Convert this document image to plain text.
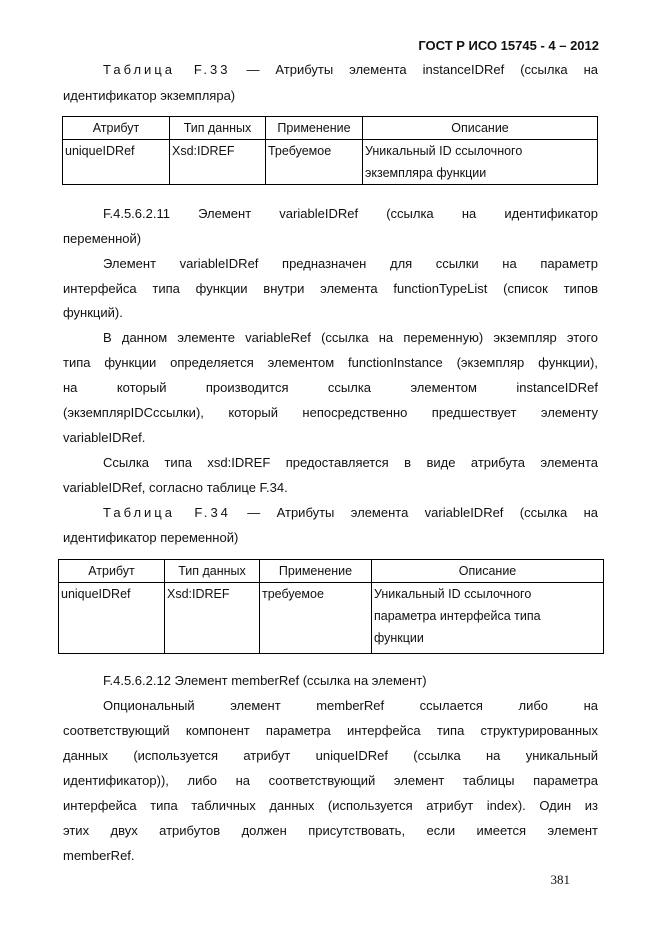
ГОСТ Р ИСО 15745 - 4 – 2012
Таблица F.33 — Атрибуты элемента instanceIDRef (ссылка на
идентификатор экземпляра)
Атрибут	Тип данных	Применение	Описание
uniqueIDRef	Xsd:IDREF	Требуемое	Уникальный ID ссылочного
экземпляра функции
F.4.5.6.2.11 Элемент variableIDRef (ссылка на идентификатор
переменной)
Элемент variableIDRef предназначен для ссылки на параметр
интерфейса типа функции внутри элемента functionTypeList (список типов
функций).
В данном элементе variableRef (ссылка на переменную) экземпляр этого
типа функции определяется элементом functionInstance (экземпляр функции),
на который производится ссылка элементом instanceIDRef
(экземплярIDCссылки), который непосредственно предшествует элементу
variableIDRef.
Ссылка типа xsd:IDREF предоставляется в виде атрибута элемента
variableIDRef, согласно таблице F.34.
Таблица F.34 — Атрибуты элемента variableIDRef (ссылка на
идентификатор переменной)
Атрибут	Тип данных	Применение	Описание
uniqueIDRef	Xsd:IDREF	требуемое	Уникальный ID ссылочного
параметра интерфейса типа
функции
F.4.5.6.2.12 Элемент memberRef (ссылка на элемент)
Опциональный элемент memberRef ссылается либо на
соответствующий компонент параметра интерфейса типа структурированных
данных (используется атрибут uniqueIDRef (ссылка на уникальный
идентификатор)), либо на соответствующий элемент таблицы параметра
интерфейса типа табличных данных (используется атрибут index). Один из
этих двух атрибутов должен присутствовать, если имеется элемент
memberRef.
381
